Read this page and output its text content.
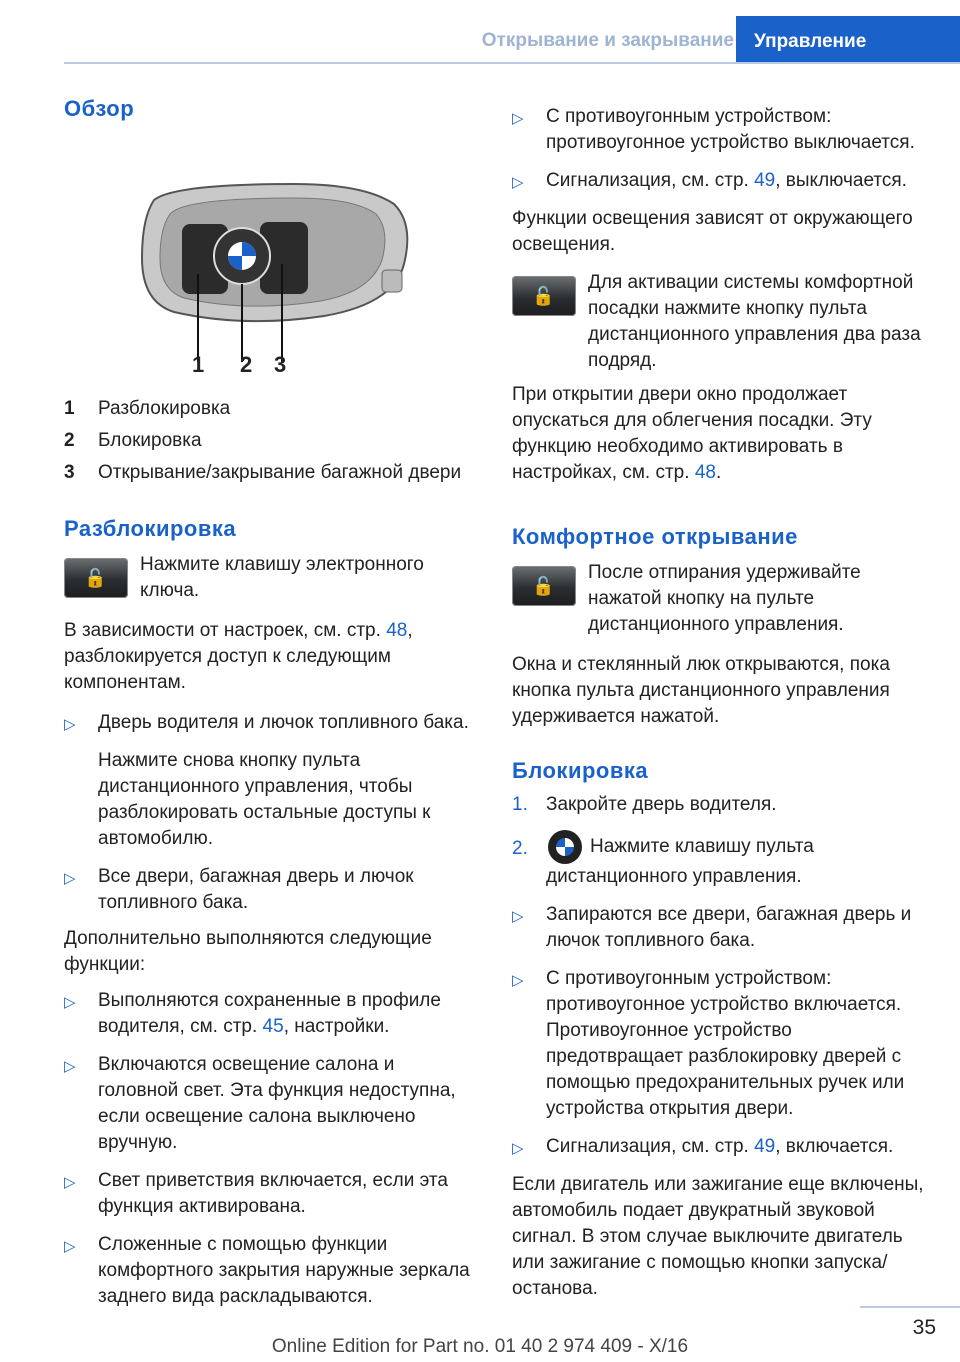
Открывание и закрывание	Управление
Обзор
1 2 3
1	Разблокировка
2	Блокировка
3	Открывание/закрывание багажной двери
Разблокировка
🔓
Нажмите клавишу электронного ключа.

В зависимости от настроек, см. стр. 48, разблокируется доступ к следующим компонентам.

▷	Дверь водителя и лючок топливного бака.

Нажмите снова кнопку пульта дистанционного управления, чтобы разблокировать остальные доступы к автомобилю.

▷	Все двери, багажная дверь и лючок топливного бака.

Дополнительно выполняются следующие функции:

▷	Выполняются сохраненные в профиле водителя, см. стр. 45, настройки.
▷	Включаются освещение салона и головной свет. Эта функция недоступна, если освещение салона выключено вручную.
▷	Свет приветствия включается, если эта функция активирована.
▷	Сложенные с помощью функции комфортного закрытия наружные зеркала заднего вида раскладываются.
▷	С противоугонным устройством: противоугонное устройство выключается.
▷	Сигнализация, см. стр. 49, выключается.

Функции освещения зависят от окружающего освещения.

🔓
Для активации системы комфортной посадки нажмите кнопку пульта дистанционного управления два раза подряд.

При открытии двери окно продолжает опускаться для облегчения посадки. Эту функцию необходимо активировать в настройках, см. стр. 48.

Комфортное открывание
🔓
После отпирания удерживайте нажатой кнопку на пульте дистанционного управления.

Окна и стеклянный люк открываются, пока кнопка пульта дистанционного управления удерживается нажатой.

Блокировка
1. Закройте дверь водителя.
2.	Нажмите клавишу пульта дистанционного управления.
▷	Запираются все двери, багажная дверь и лючок топливного бака.
▷	С противоугонным устройством: противоугонное устройство включается. Противоугонное устройство предотвращает разблокировку дверей с помощью предохранительных ручек или устройства открытия двери.
▷	Сигнализация, см. стр. 49, включается.

Если двигатель или зажигание еще включены, автомобиль подает двукратный звуковой сигнал. В этом случае выключите двигатель или зажигание с помощью кнопки запуска/останова.

35
Online Edition for Part no. 01 40 2 974 409 - X/16
